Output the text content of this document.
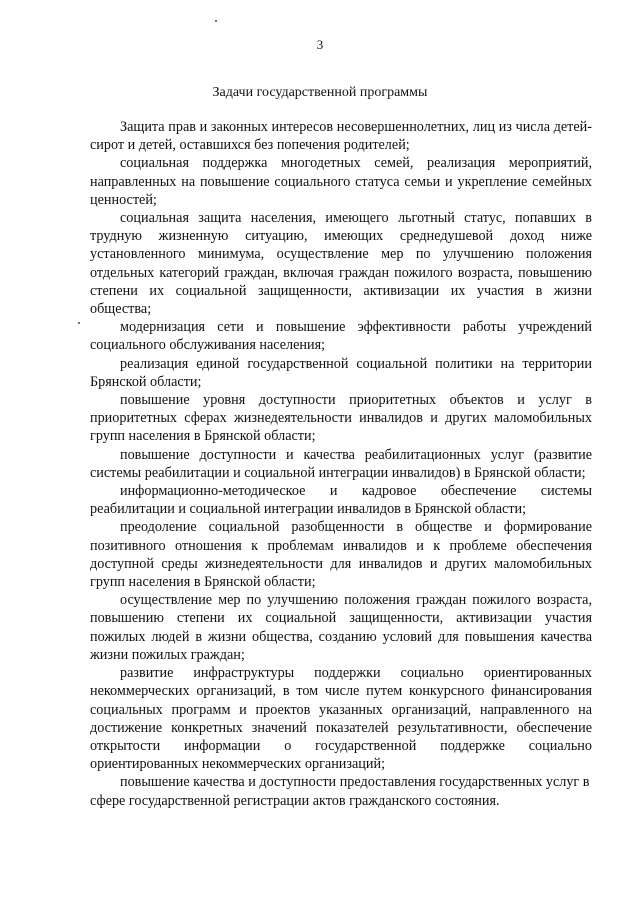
3
Задачи государственной программы

Защита прав и законных интересов несовершеннолетних, лиц из числа детей-сирот и детей, оставшихся без попечения родителей;

социальная поддержка многодетных семей, реализация мероприятий, направленных на повышение социального статуса семьи и укрепление семейных ценностей;

социальная защита населения, имеющего льготный статус, попавших в трудную жизненную ситуацию, имеющих среднедушевой доход ниже установленного минимума, осуществление мер по улучшению положения отдельных категорий граждан, включая граждан пожилого возраста, повышению степени их социальной защищенности, активизации их участия в жизни общества;

модернизация сети и повышение эффективности работы учреждений социального обслуживания населения;

реализация единой государственной социальной политики на территории Брянской области;

повышение уровня доступности приоритетных объектов и услуг в приоритетных сферах жизнедеятельности инвалидов и других маломобильных групп населения в Брянской области;

повышение доступности и качества реабилитационных услуг (развитие системы реабилитации и социальной интеграции инвалидов) в Брянской области;

информационно-методическое и кадровое обеспечение системы реабилитации и социальной интеграции инвалидов в Брянской области;

преодоление социальной разобщенности в обществе и формирование позитивного отношения к проблемам инвалидов и к проблеме обеспечения доступной среды жизнедеятельности для инвалидов и других маломобильных групп населения в Брянской области;

осуществление мер по улучшению положения граждан пожилого возраста, повышению степени их социальной защищенности, активизации участия пожилых людей в жизни общества, созданию условий для повышения качества жизни пожилых граждан;

развитие инфраструктуры поддержки социально ориентированных некоммерческих организаций, в том числе путем конкурсного финансирования социальных программ и проектов указанных организаций, направленного на достижение конкретных значений показателей результативности, обеспечение открытости информации о государственной поддержке социально ориентированных некоммерческих организаций;

повышение качества и доступности предоставления государственных услуг в сфере государственной регистрации актов гражданского состояния.
